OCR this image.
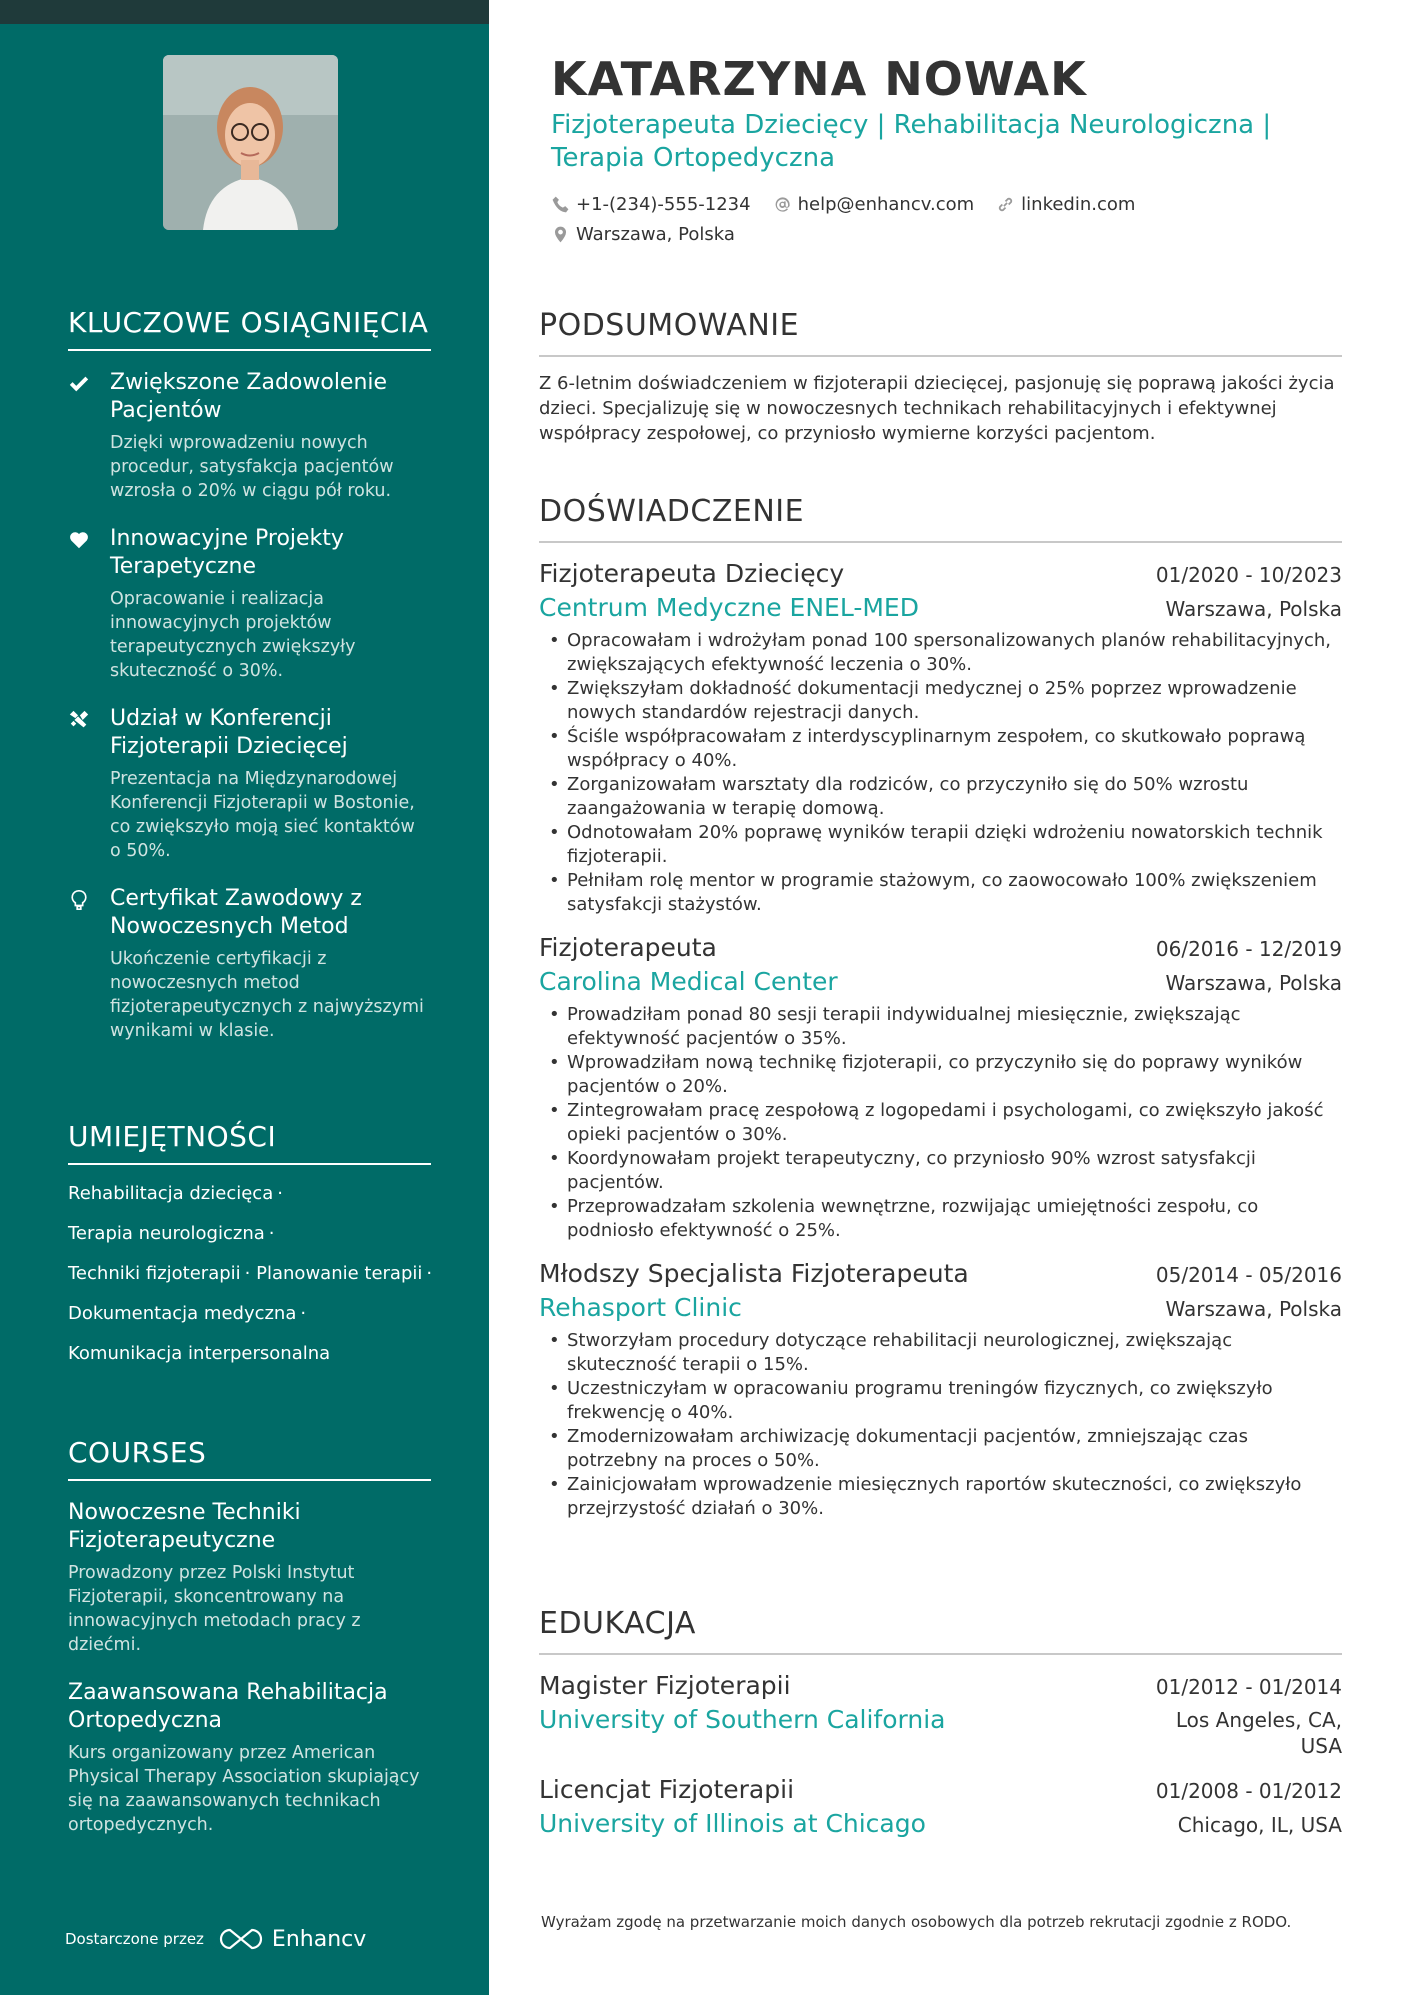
KLUCZOWE OSIĄGNIĘCIA
Zwiększone Zadowolenie Pacjentów
Dzięki wprowadzeniu nowych procedur, satysfakcja pacjentów wzrosła o 20% w ciągu pół roku.
Innowacyjne Projekty Terapetyczne
Opracowanie i realizacja innowacyjnych projektów terapeutycznych zwiększyły skuteczność o 30%.
Udział w Konferencji Fizjoterapii Dziecięcej
Prezentacja na Międzynarodowej Konferencji Fizjoterapii w Bostonie, co zwiększyło moją sieć kontaktów o 50%.
Certyfikat Zawodowy z Nowoczesnych Metod
Ukończenie certyfikacji z nowoczesnych metod fizjoterapeutycznych z najwyższymi wynikami w klasie.
UMIEJĘTNOŚCI
Rehabilitacja dziecięca ·
Terapia neurologiczna ·
Techniki fizjoterapii · Planowanie terapii ·
Dokumentacja medyczna ·
Komunikacja interpersonalna
COURSES
Nowoczesne Techniki Fizjoterapeutyczne
Prowadzony przez Polski Instytut Fizjoterapii, skoncentrowany na innowacyjnych metodach pracy z dziećmi.
Zaawansowana Rehabilitacja Ortopedyczna
Kurs organizowany przez American Physical Therapy Association skupiający się na zaawansowanych technikach ortopedycznych.
Dostarczone przez	Enhancv
KATARZYNA NOWAK
Fizjoterapeuta Dziecięcy | Rehabilitacja Neurologiczna | Terapia Ortopedyczna
+1-(234)-555-1234	help@enhancv.com	linkedin.com
Warszawa, Polska
PODSUMOWANIE

Z 6-letnim doświadczeniem w fizjoterapii dziecięcej, pasjonuję się poprawą jakości życia dzieci. Specjalizuję się w nowoczesnych technikach rehabilitacyjnych i efektywnej współpracy zespołowej, co przyniosło wymierne korzyści pacjentom.

DOŚWIADCZENIE
Fizjoterapeuta Dziecięcy	01/2020 - 10/2023
Centrum Medyczne ENEL-MED	Warszawa, Polska
• Opracowałam i wdrożyłam ponad 100 spersonalizowanych planów rehabilitacyjnych, zwiększających efektywność leczenia o 30%.
• Zwiększyłam dokładność dokumentacji medycznej o 25% poprzez wprowadzenie nowych standardów rejestracji danych.
• Ściśle współpracowałam z interdyscyplinarnym zespołem, co skutkowało poprawą współpracy o 40%.
• Zorganizowałam warsztaty dla rodziców, co przyczyniło się do 50% wzrostu zaangażowania w terapię domową.
• Odnotowałam 20% poprawę wyników terapii dzięki wdrożeniu nowatorskich technik fizjoterapii.
• Pełniłam rolę mentor w programie stażowym, co zaowocowało 100% zwiększeniem satysfakcji stażystów.
Fizjoterapeuta	06/2016 - 12/2019
Carolina Medical Center	Warszawa, Polska
• Prowadziłam ponad 80 sesji terapii indywidualnej miesięcznie, zwiększając efektywność pacjentów o 35%.
• Wprowadziłam nową technikę fizjoterapii, co przyczyniło się do poprawy wyników pacjentów o 20%.
• Zintegrowałam pracę zespołową z logopedami i psychologami, co zwiększyło jakość opieki pacjentów o 30%.
• Koordynowałam projekt terapeutyczny, co przyniosło 90% wzrost satysfakcji pacjentów.
• Przeprowadzałam szkolenia wewnętrzne, rozwijając umiejętności zespołu, co podniosło efektywność o 25%.
Młodszy Specjalista Fizjoterapeuta	05/2014 - 05/2016
Rehasport Clinic	Warszawa, Polska
• Stworzyłam procedury dotyczące rehabilitacji neurologicznej, zwiększając skuteczność terapii o 15%.
• Uczestniczyłam w opracowaniu programu treningów fizycznych, co zwiększyło frekwencję o 40%.
• Zmodernizowałam archiwizację dokumentacji pacjentów, zmniejszając czas potrzebny na proces o 50%.
• Zainicjowałam wprowadzenie miesięcznych raportów skuteczności, co zwiększyło przejrzystość działań o 30%.
EDUKACJA
Magister Fizjoterapii	01/2012 - 01/2014
University of Southern California	Los Angeles, CA,
USA
Licencjat Fizjoterapii	01/2008 - 01/2012
University of Illinois at Chicago	Chicago, IL, USA

Wyrażam zgodę na przetwarzanie moich danych osobowych dla potrzeb rekrutacji zgodnie z RODO.
